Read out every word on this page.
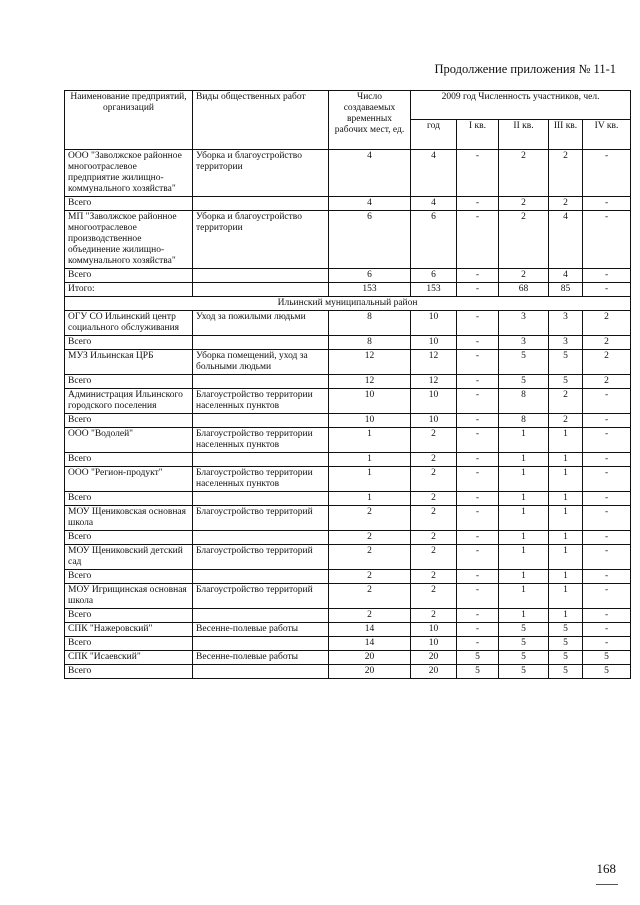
Продолжение приложения № 11-1
Наименование предприятий, организаций	Виды общественных работ	Число создаваемых временных рабочих мест, ед.	2009 год Численность участников, чел.				
			год	I кв.	II кв.	III кв.	IV кв.
ООО "Заволжское районное многоотраслевое предприятие жилищно-коммунального хозяйства"	Уборка и благоустройство территории	4	4	-	2	2	-
Всего		4	4	-	2	2	-
МП "Заволжское районное многоотраслевое производственное объединение жилищно-коммунального хозяйства"	Уборка и благоустройство территории	6	6	-	2	4	-
Всего		6	6	-	2	4	-
Итого:		153	153	-	68	85	-
Ильинский муниципальный район							
ОГУ СО Ильинский центр социального обслуживания	Уход за пожилыми людьми	8	10	-	3	3	2
Всего		8	10	-	3	3	2
МУЗ Ильинская ЦРБ	Уборка помещений, уход за больными людьми	12	12	-	5	5	2
Всего		12	12	-	5	5	2
Администрация Ильинского городского поселения	Благоустройство территории населенных пунктов	10	10	-	8	2	-
Всего		10	10	-	8	2	-
ООО "Водолей"	Благоустройство территории населенных пунктов	1	2	-	1	1	-
Всего		1	2	-	1	1	-
ООО "Регион-продукт"	Благоустройство территории населенных пунктов	1	2	-	1	1	-
Всего		1	2	-	1	1	-
МОУ Щениковская основная школа	Благоустройство территорий	2	2	-	1	1	-
Всего		2	2	-	1	1	-
МОУ Щениковский детский сад	Благоустройство территорий	2	2	-	1	1	-
Всего		2	2	-	1	1	-
МОУ Игрищинская основная школа	Благоустройство территорий	2	2	-	1	1	-
Всего		2	2	-	1	1	-
СПК "Нажеровский"	Весенне-полевые работы	14	10	-	5	5	-
Всего		14	10	-	5	5	-
СПК "Исаевский"	Весенне-полевые работы	20	20	5	5	5	5
Всего		20	20	5	5	5	5
168
